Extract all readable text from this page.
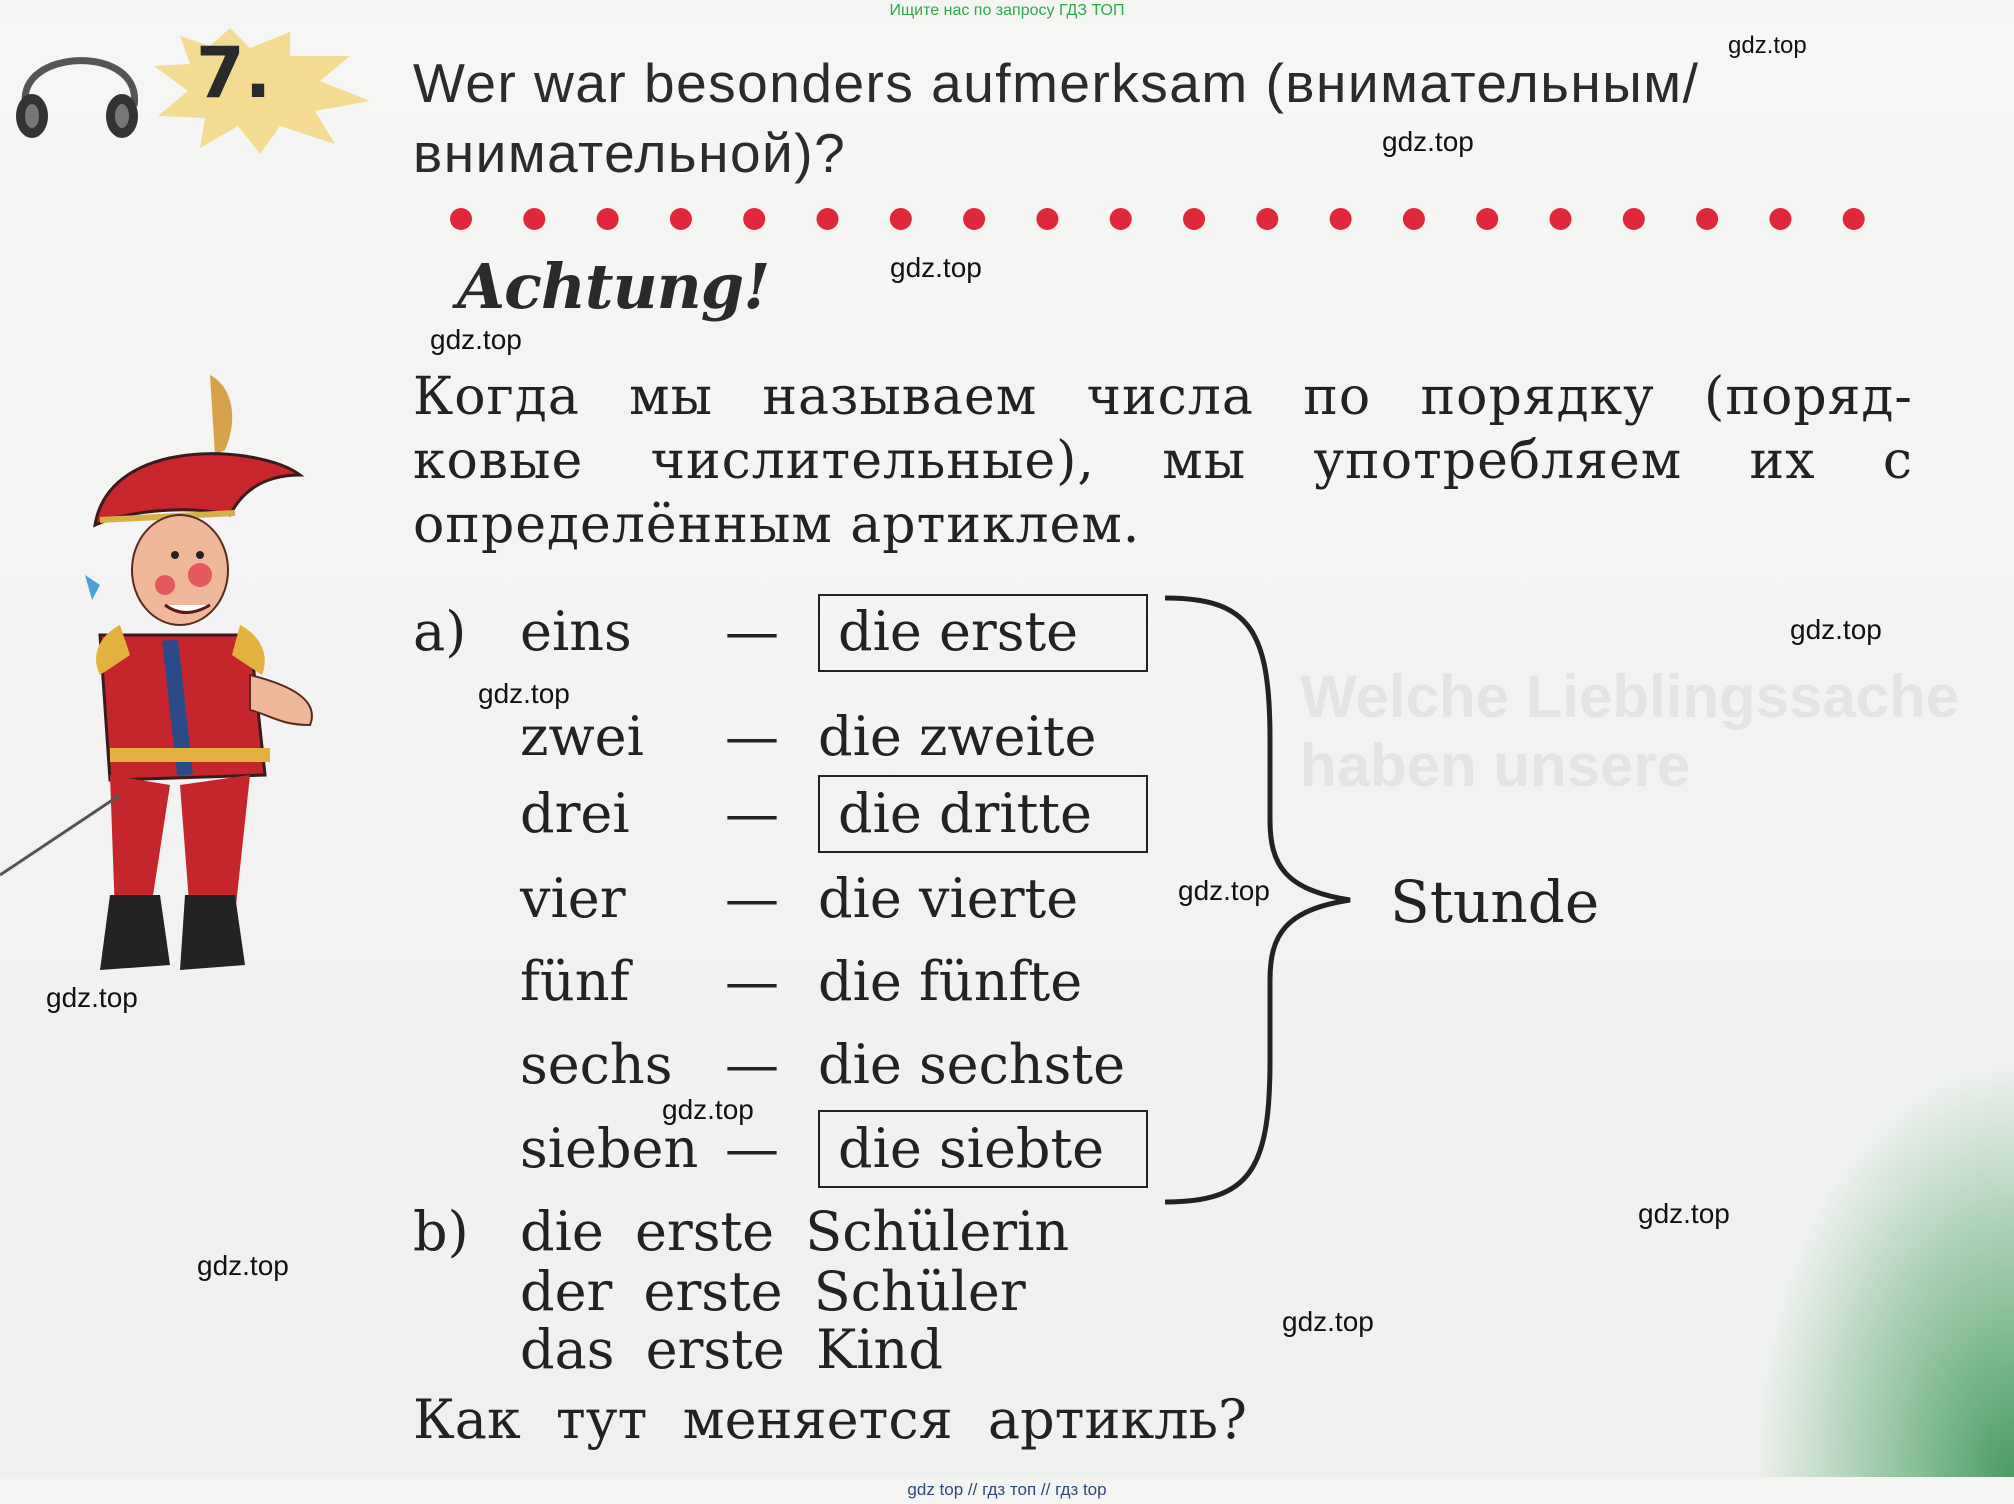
Ищите нас по запросу ГДЗ ТОП
Welche Lieblingssache haben unsere
7.	Wer war besonders aufmerksam (внимательным/
внимательной)?
Achtung!
Когда мы называем числа по порядку (поряд-
ковые числительные), мы употребляем их с
определённым артиклем.
a) eins — die erste
zwei — die zweite
drei — die dritte
vier — die vierte
fünf — die fünfte
sechs — die sechste
sieben — die siebte
Stunde
b) die erste Schülerin
der erste Schüler
das erste Kind
Как тут меняется артикль?
gdz.top
gdz.top
gdz.top
gdz.top
gdz.top
gdz.top
gdz.top
gdz.top
gdz.top
gdz.top
gdz.top
gdz.top
gdz top // гдз топ // гдз top
